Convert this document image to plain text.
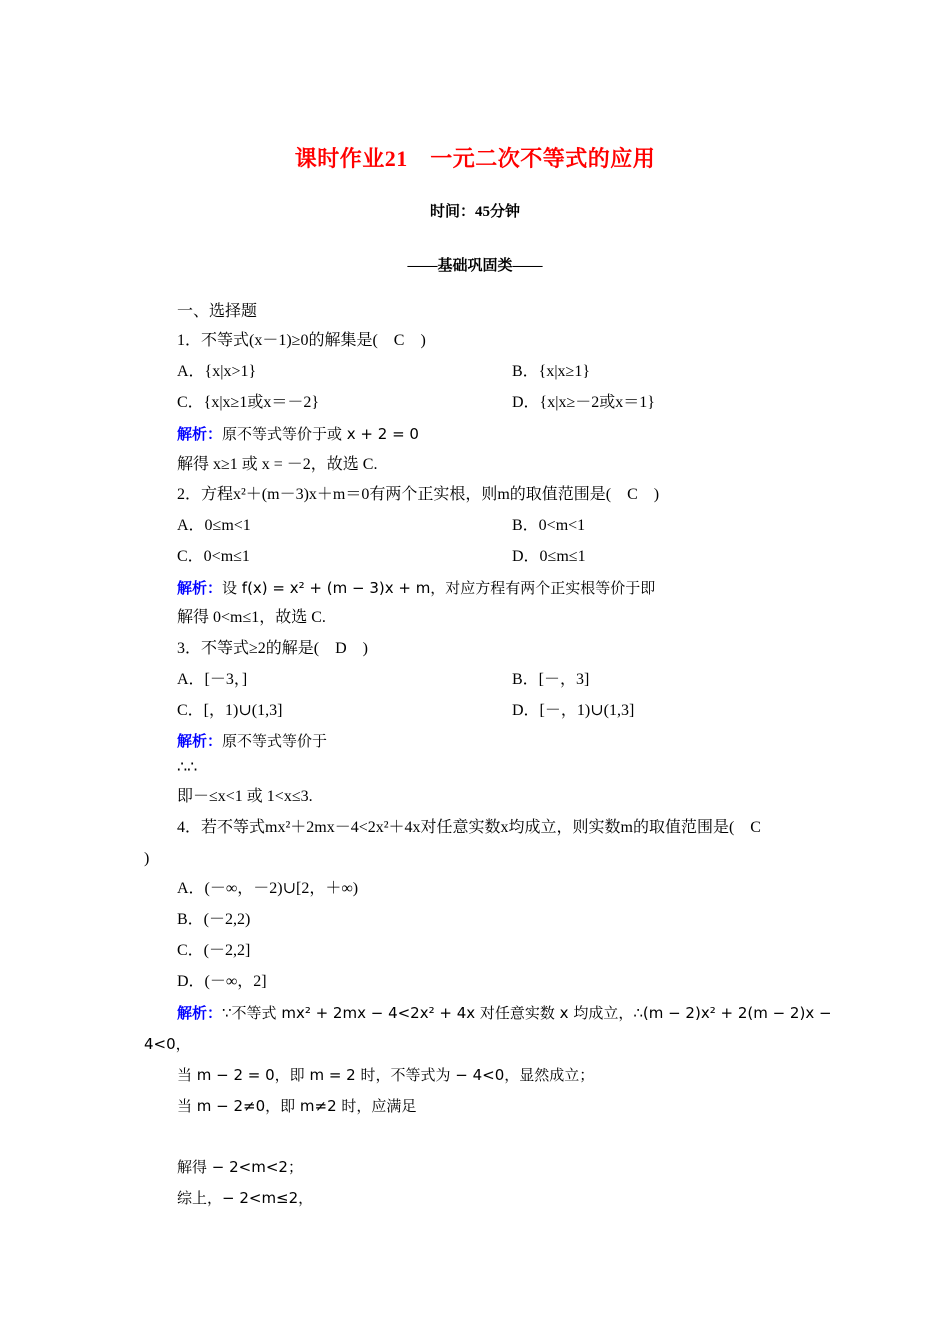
课时作业21　一元二次不等式的应用
时间：45分钟
——基础巩固类——
一、选择题
1．不等式(x－1)≥0的解集是(　C　)
A．{x|x>1}	B．{x|x≥1}
C．{x|x≥1或x＝－2}	D．{x|x≥－2或x＝1}
解析：原不等式等价于或 x + 2 = 0
解得 x≥1 或 x = －2，故选 C.
2．方程x²＋(m－3)x＋m＝0有两个正实根，则m的取值范围是(　C　)
A．0≤m<1	B．0<m<1
C．0<m≤1	D．0≤m≤1
解析：设 f(x) = x² + (m − 3)x + m，对应方程有两个正实根等价于即
解得 0<m≤1，故选 C.
3．不等式≥2的解是(　D　)
A．[－3，]	B．[－，3]
C．[，1)∪(1,3]	D．[－，1)∪(1,3]
解析：原不等式等价于
∴∴
即－≤x<1 或 1<x≤3.
4．若不等式mx²＋2mx－4<2x²＋4x对任意实数x均成立，则实数m的取值范围是(　C
)
A．(－∞，－2)∪[2，＋∞)
B．(－2,2)
C．(－2,2]
D．(－∞，2]
解析：∵不等式 mx² + 2mx − 4<2x² + 4x 对任意实数 x 均成立，∴(m − 2)x² + 2(m − 2)x −
4<0，
当 m − 2 = 0，即 m = 2 时，不等式为 − 4<0，显然成立；
当 m − 2≠0，即 m≠2 时，应满足
解得 − 2<m<2；
综上，− 2<m≤2，
